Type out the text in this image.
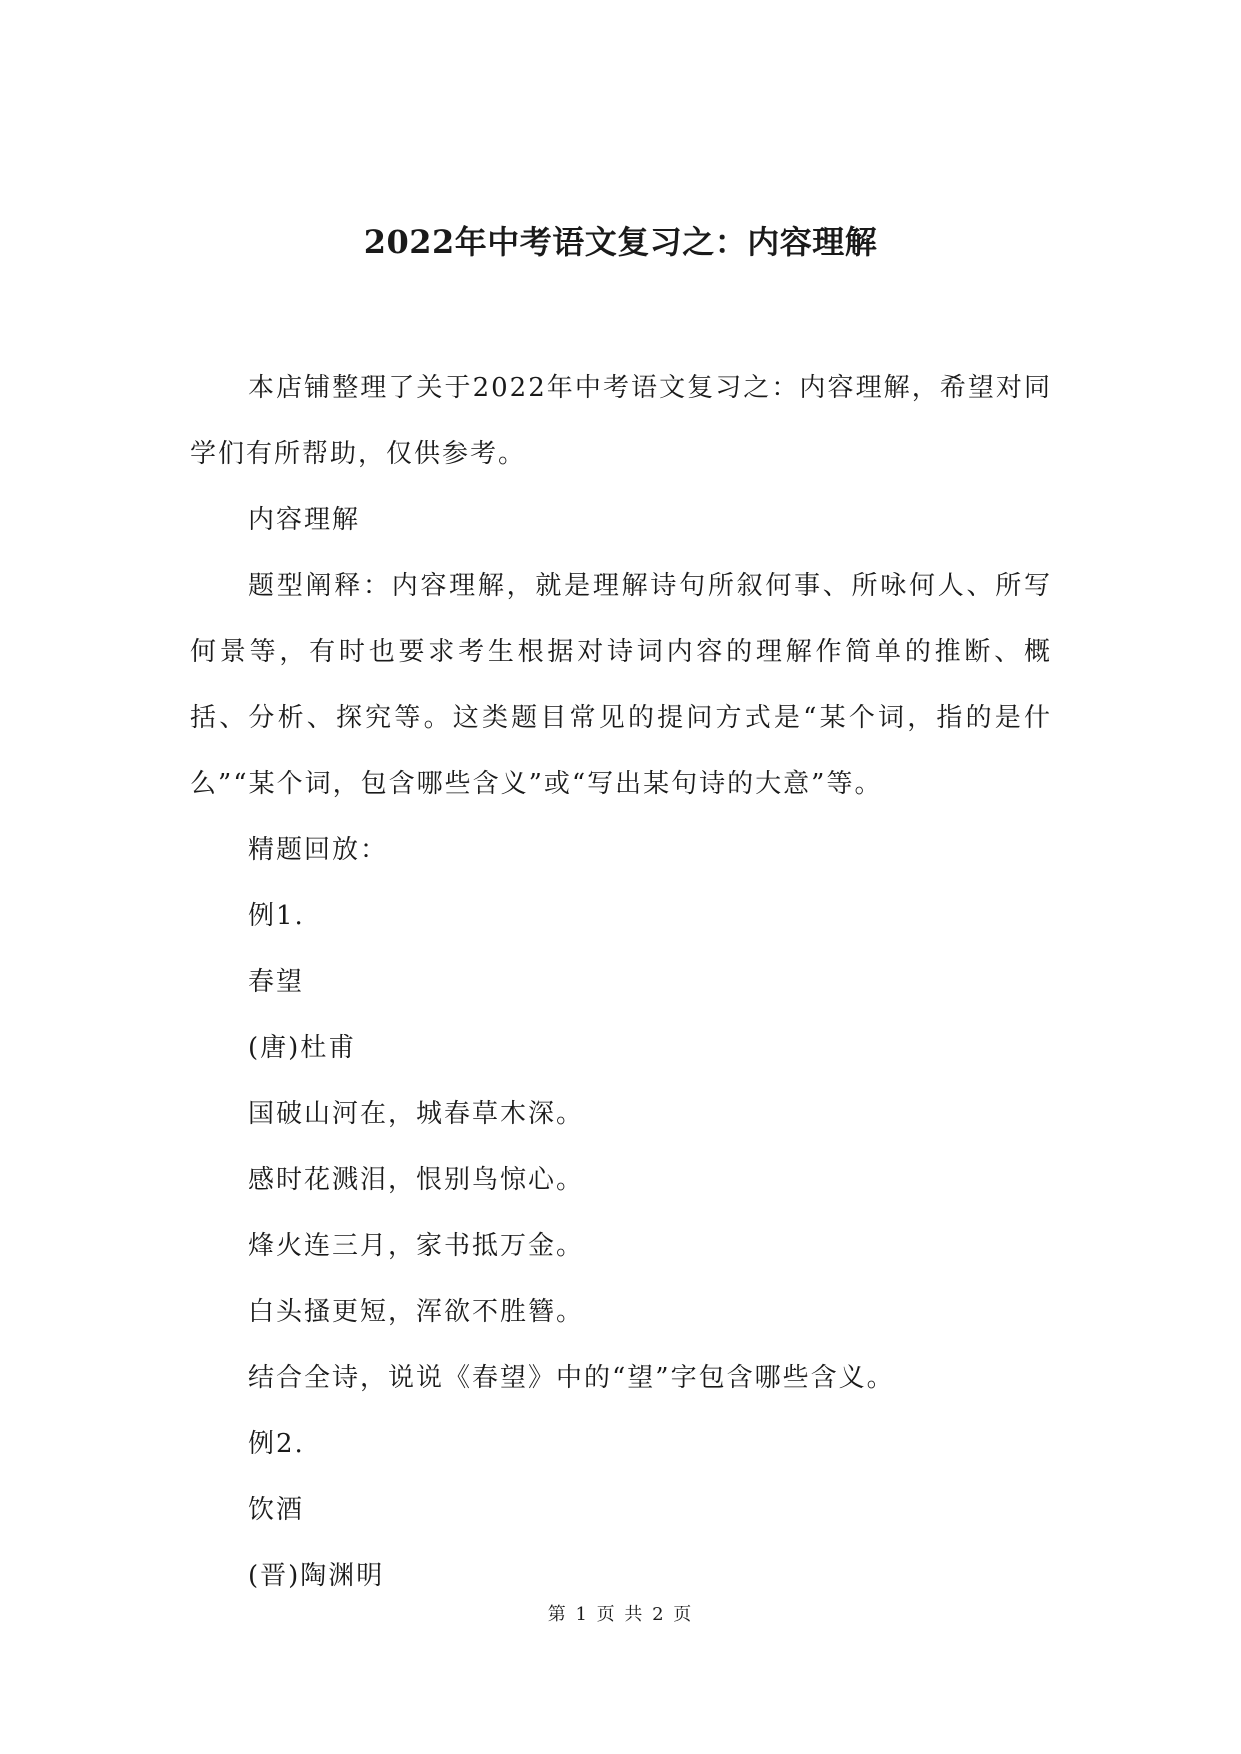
2022年中考语文复习之：内容理解

本店铺整理了关于2022年中考语文复习之：内容理解，希望对同学们有所帮助，仅供参考。

内容理解

题型阐释：内容理解，就是理解诗句所叙何事、所咏何人、所写何景等，有时也要求考生根据对诗词内容的理解作简单的推断、概括、分析、探究等。这类题目常见的提问方式是“某个词，指的是什么”“某个词，包含哪些含义”或“写出某句诗的大意”等。

精题回放：

例1.

春望

(唐)杜甫

国破山河在，城春草木深。

感时花溅泪，恨别鸟惊心。

烽火连三月，家书抵万金。

白头搔更短，浑欲不胜簪。

结合全诗，说说《春望》中的“望”字包含哪些含义。

例2.

饮酒

(晋)陶渊明

第 1 页 共 2 页
